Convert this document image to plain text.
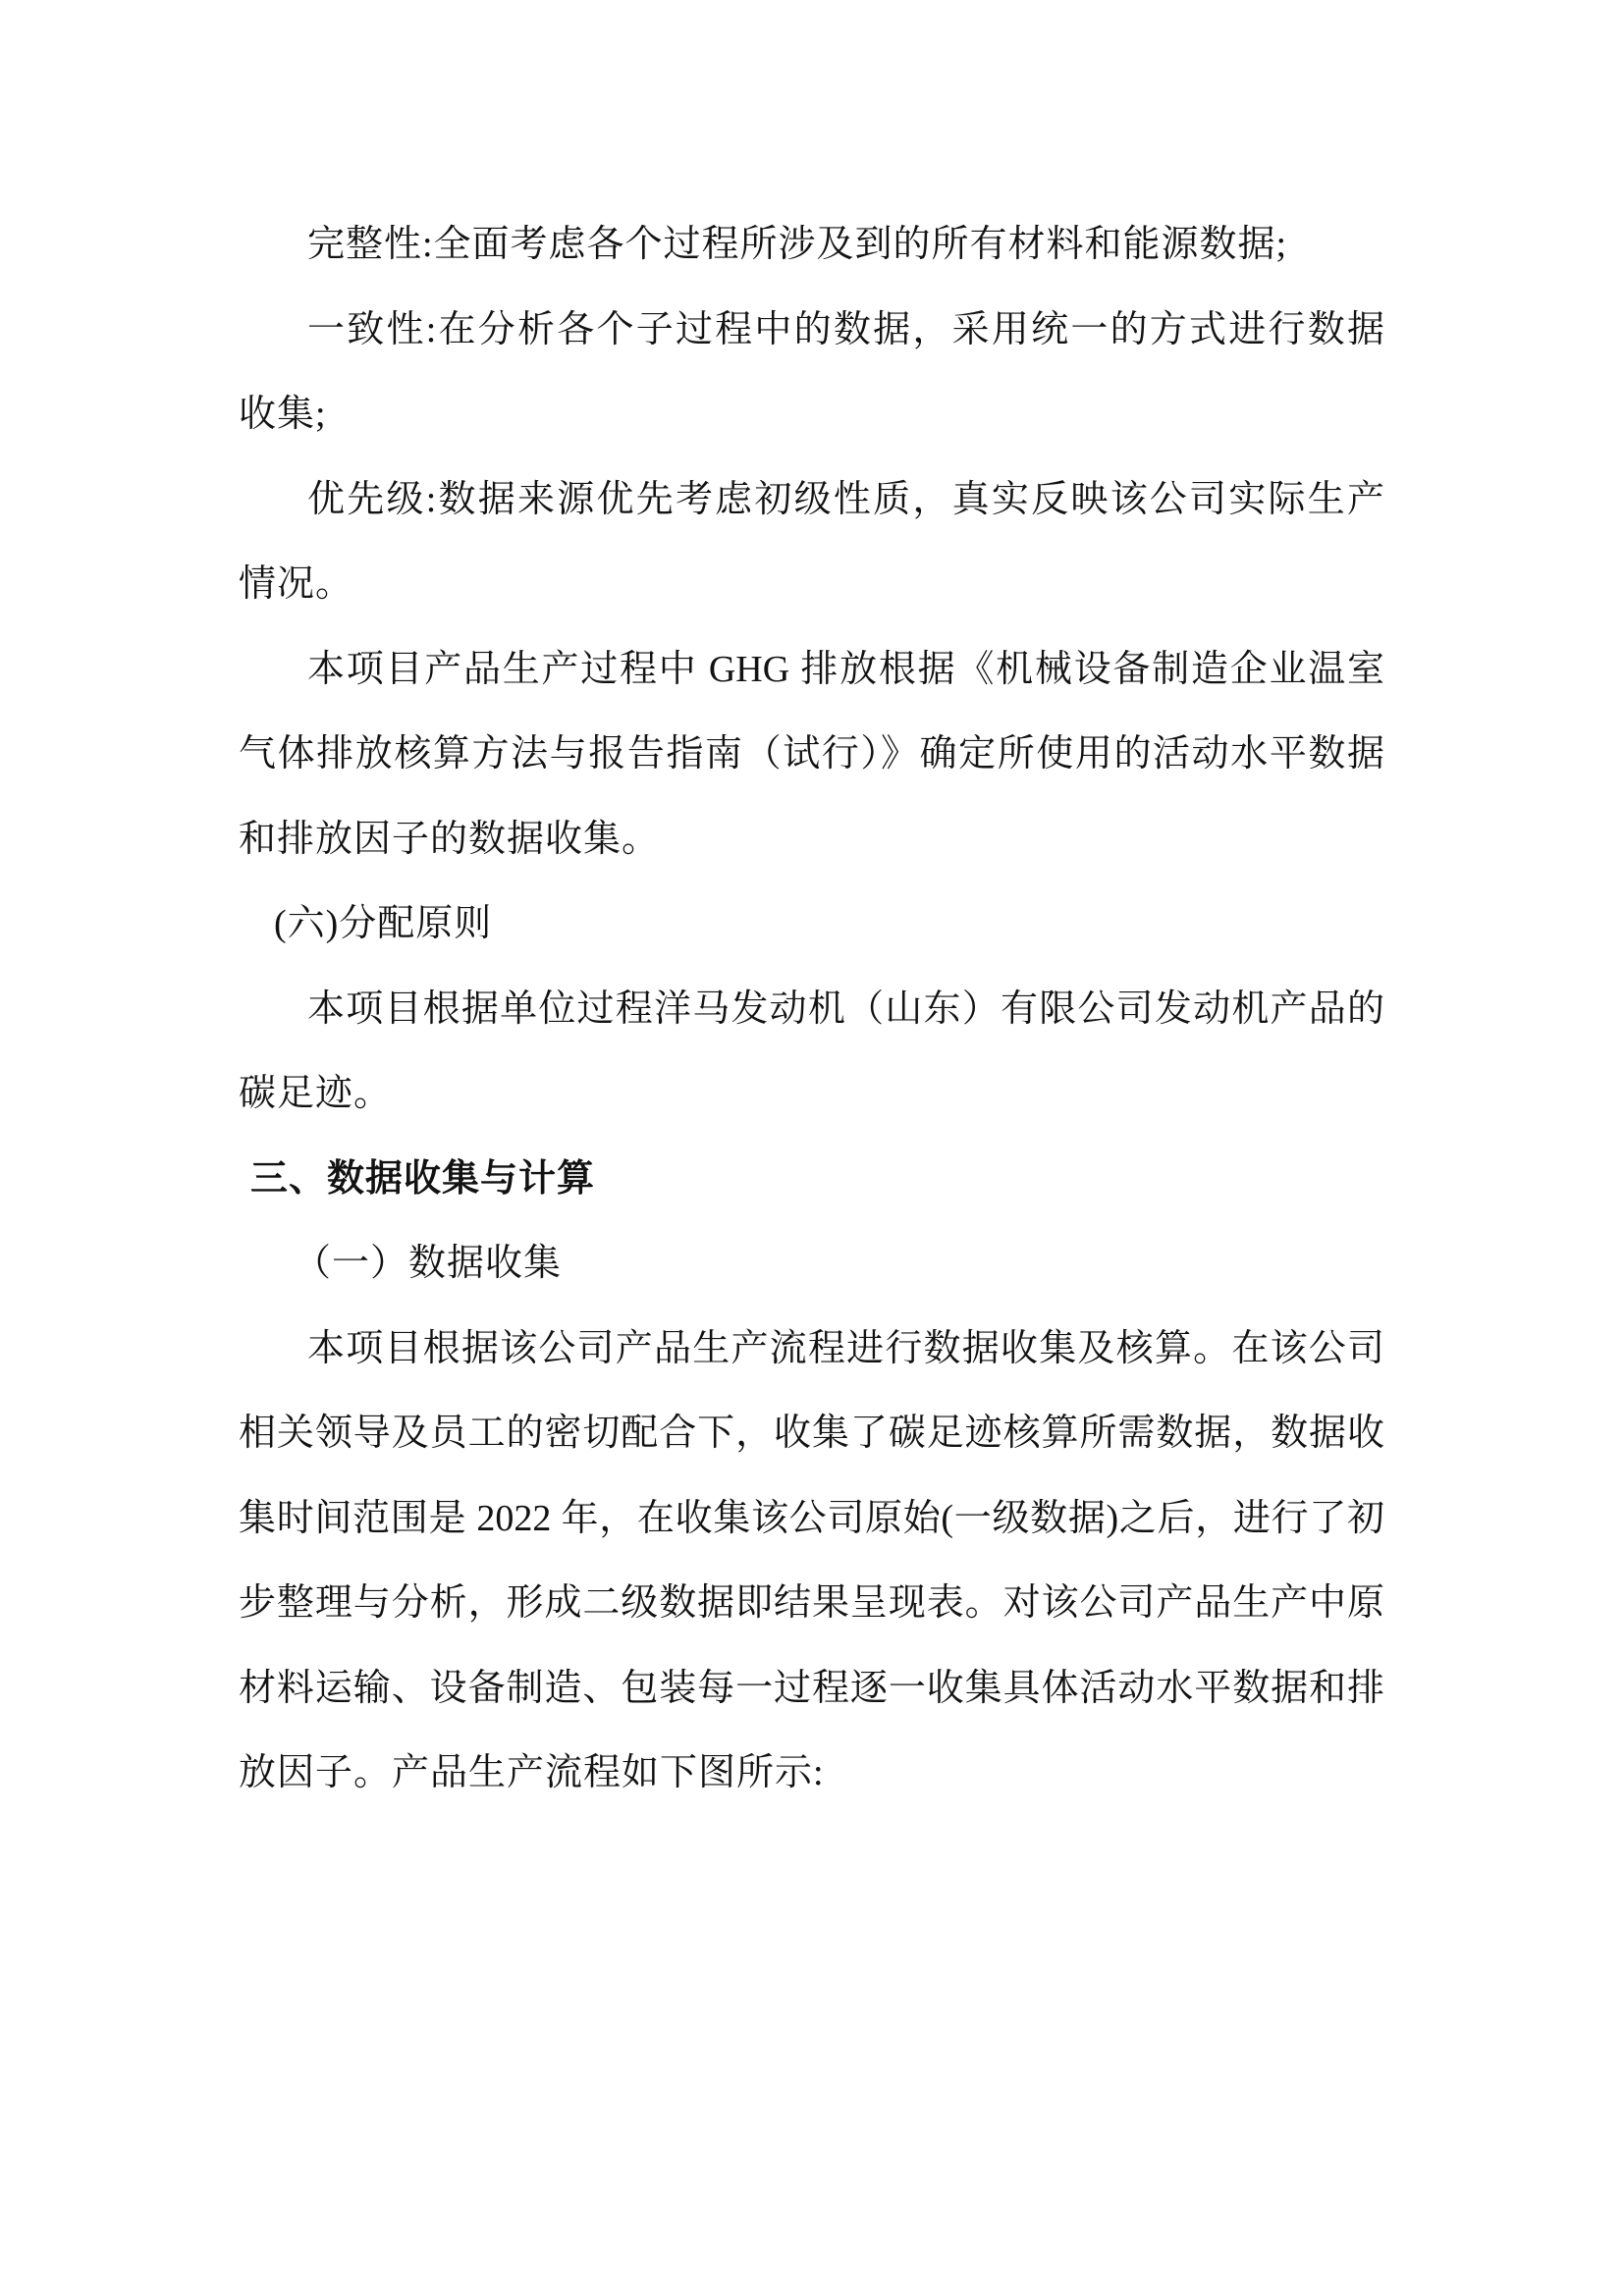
完整性:全面考虑各个过程所涉及到的所有材料和能源数据;

一致性:在分析各个子过程中的数据，采用统一的方式进行数据

收集;

优先级:数据来源优先考虑初级性质，真实反映该公司实际生产

情况。

本项目产品生产过程中 GHG 排放根据《机械设备制造企业温室

气体排放核算方法与报告指南（试行）》确定所使用的活动水平数据

和排放因子的数据收集。

(六)分配原则

本项目根据单位过程洋马发动机（山东）有限公司发动机产品的

碳足迹。

三、数据收集与计算

（一）数据收集

本项目根据该公司产品生产流程进行数据收集及核算。在该公司

相关领导及员工的密切配合下，收集了碳足迹核算所需数据，数据收

集时间范围是 2022 年，在收集该公司原始(一级数据)之后，进行了初

步整理与分析，形成二级数据即结果呈现表。对该公司产品生产中原

材料运输、设备制造、包装每一过程逐一收集具体活动水平数据和排

放因子。产品生产流程如下图所示:
